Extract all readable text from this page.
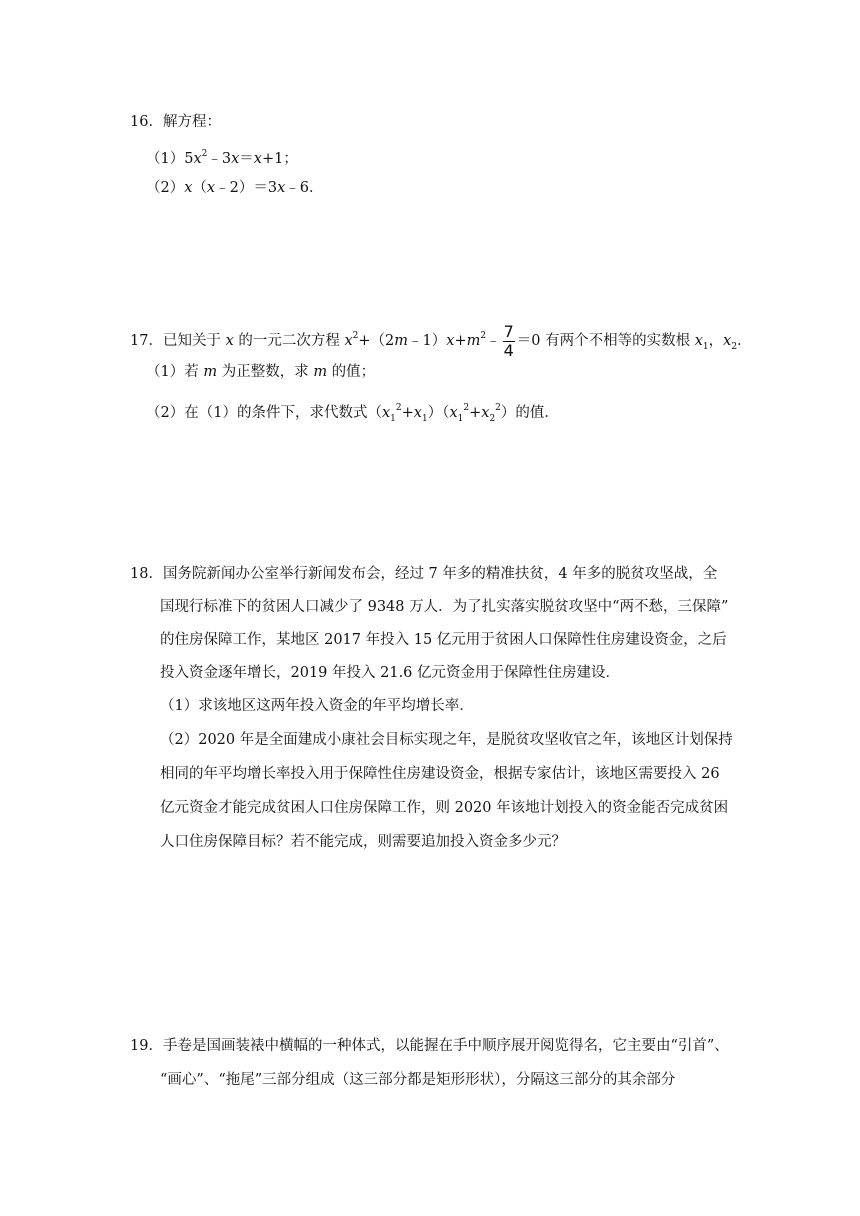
16．解方程：
$(1)5x^2﹣3x=x+1$；
（2）x（x﹣2）＝3x﹣6．
17．已知关于 x 的一元二次方程 $x^2+(2m﹣1)x+m^2﹣ \frac{7}{4} =0$ 有两个不相等的实数根 $x_1$，$x_2$．
（1）若 m 为正整数，求 m 的值；
（2）在（1）的条件下，求代数式$(x_1^2+x_1)(x_1^2+x_2^2)$的值．
18．国务院新闻办公室举行新闻发布会，经过 7 年多的精准扶贫，4 年多的脱贫攻坚战，全
国现行标准下的贫困人口减少了 9348 万人．为了扎实落实脱贫攻坚中“两不愁，三保障”
的住房保障工作，某地区 2017 年投入 15 亿元用于贫困人口保障性住房建设资金，之后
投入资金逐年增长，2019 年投入 21.6 亿元资金用于保障性住房建设．
（1）求该地区这两年投入资金的年平均增长率．
（2）2020 年是全面建成小康社会目标实现之年，是脱贫攻坚收官之年，该地区计划保持
相同的年平均增长率投入用于保障性住房建设资金，根据专家估计，该地区需要投入 26
亿元资金才能完成贫困人口住房保障工作，则 2020 年该地计划投入的资金能否完成贫困
人口住房保障目标？若不能完成，则需要追加投入资金多少元？
19．手卷是国画装裱中横幅的一种体式，以能握在手中顺序展开阅览得名，它主要由“引首”、
“画心”、“拖尾”三部分组成（这三部分都是矩形形状），分隔这三部分的其余部分
